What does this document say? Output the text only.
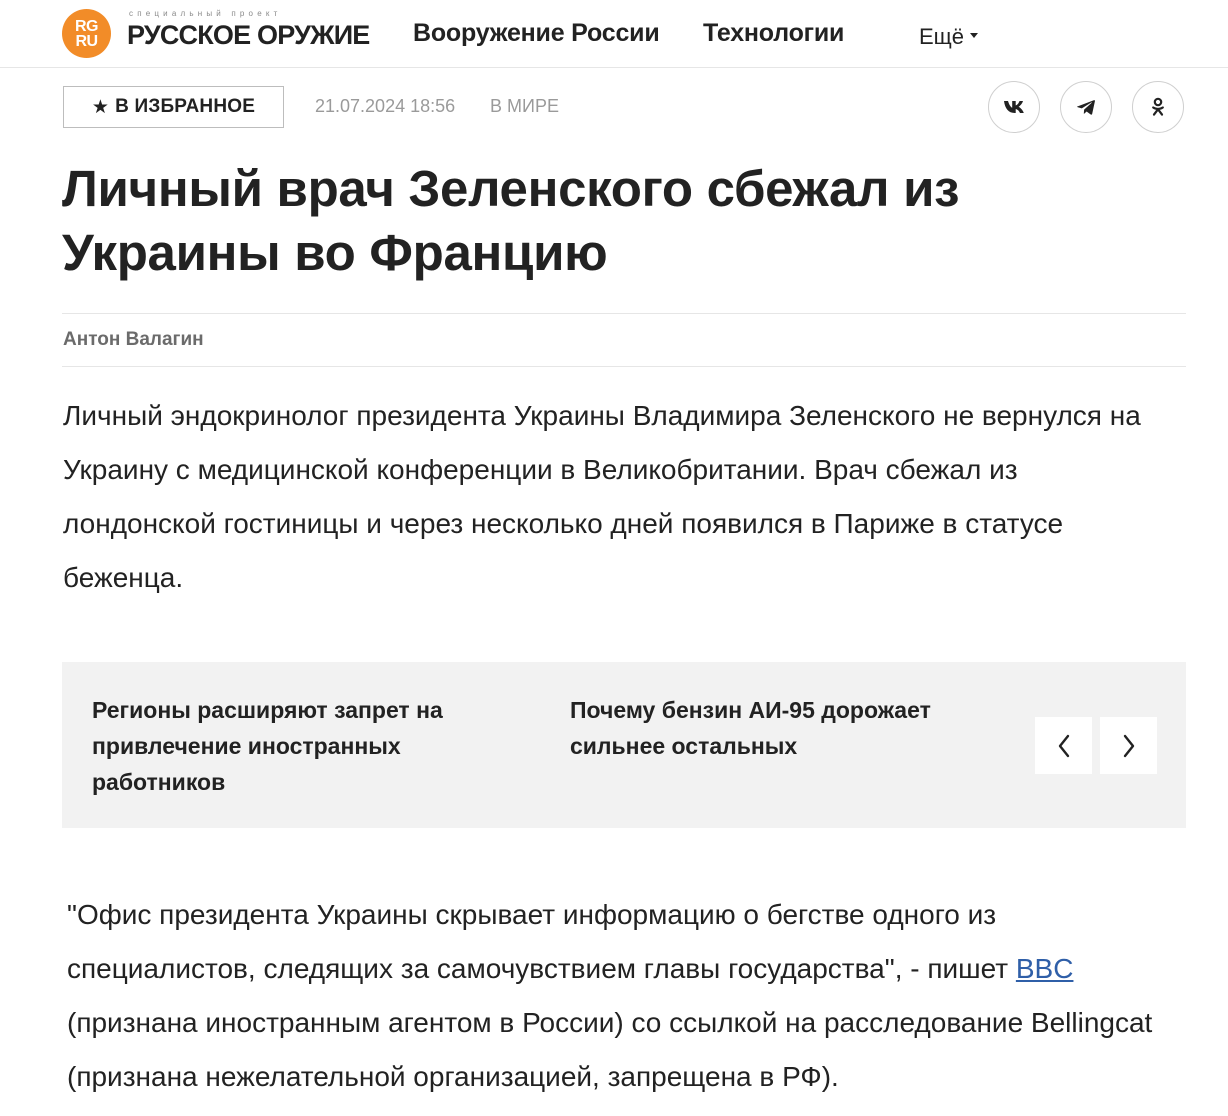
RG
RU
специальный проект
РУССКОЕ ОРУЖИЕ Вооружение России Технологии	Ещё
★ В ИЗБРАННОЕ	21.07.2024 18:56 В МИРЕ
Личный врач Зеленского сбежал из
Украины во Францию
Антон Валагин

Личный эндокринолог президента Украины Владимира Зеленского не вернулся на Украину с медицинской конференции в Великобритании. Врач сбежал из лондонской гостиницы и через несколько дней появился в Париже в статусе беженца.

Регионы расширяют запрет на привлечение иностранных работников
Почему бензин АИ-95 дорожает сильнее остальных

"Офис президента Украины скрывает информацию о бегстве одного из специалистов, следящих за самочувствием главы государства", - пишет BBC (признана иностранным агентом в России) со ссылкой на расследование Bellingcat (признана нежелательной организацией, запрещена в РФ).
